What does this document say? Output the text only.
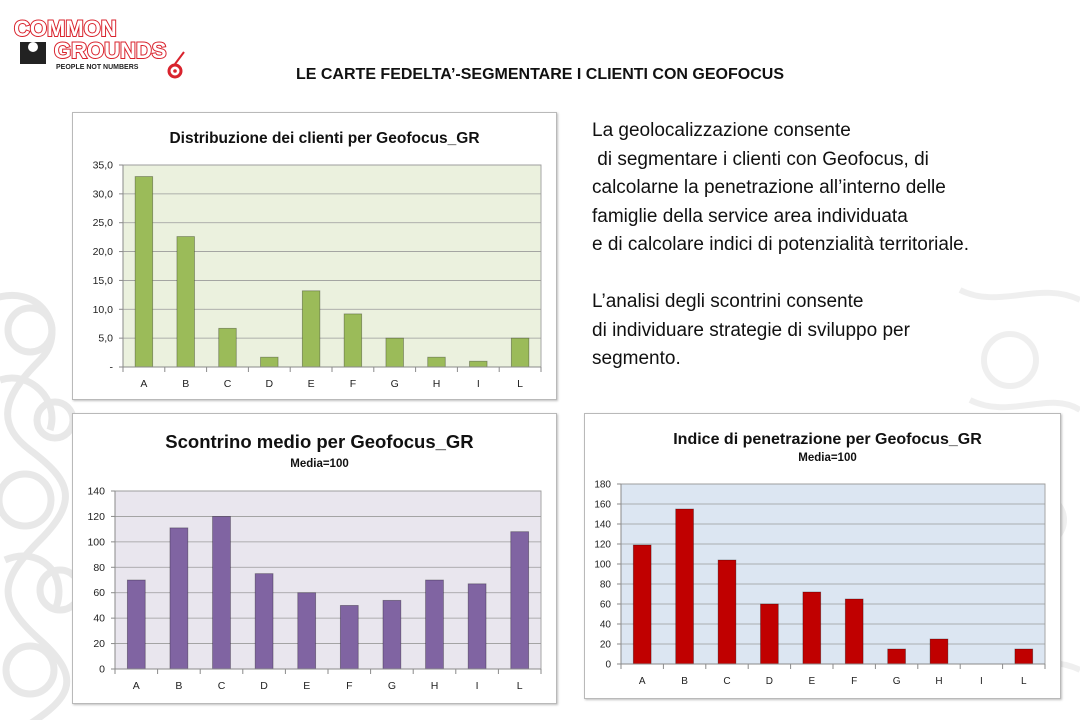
COMMON
GROUNDS
PEOPLE NOT NUMBERS	LE CARTE FEDELTA’-SEGMENTARE I CLIENTI CON GEOFOCUS
Distribuzione dei clienti per Geofocus_GR
-
5,0
10,0
15,0
20,0
25,0
30,0
35,0
A	B	C	D	E	F	G	H	I	L
Scontrino medio per Geofocus_GR
Media=100
0
20
40
60
80
100
120
140
A	B	C	D	E	F	G	H	I	L
Indice di penetrazione per Geofocus_GR
Media=100
0
20
40
60
80
100
120
140
160
180
A	B	C	D	E	F	G	H	I	L

La geolocalizzazione consente
di segmentare i clienti con Geofocus, di
calcolarne la penetrazione all’interno delle
famiglie della service area individuata
e di calcolare indici di potenzialità territoriale.

L’analisi degli scontrini consente
di individuare strategie di sviluppo per
segmento.
